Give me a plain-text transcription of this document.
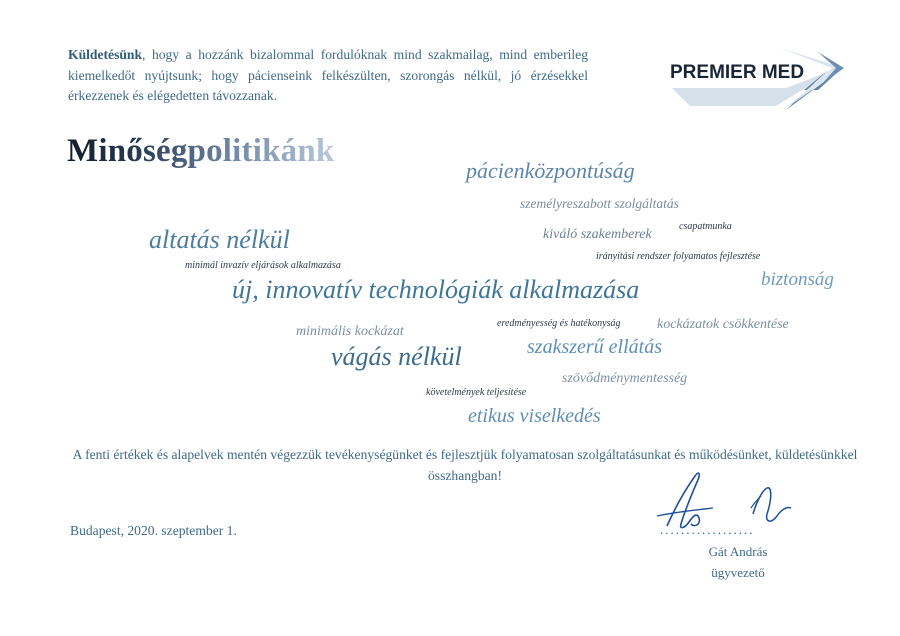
Küldetésünk, hogy a hozzánk bizalommal fordulóknak mind szakmailag, mind emberileg kiemelkedőt nyújtsunk; hogy pácienseink felkészülten, szorongás nélkül, jó érzésekkel érkezzenek és elégedetten távozzanak.
PREMIER MED
Minőségpolitikánk
pácienközpontúság
személyreszabott szolgáltatás
csapatmunka
kiváló szakemberek
irányítási rendszer folyamatos fejlesztése
altatás nélkül
minimál invazív eljárások alkalmazása
biztonság
új, innovatív technológiák alkalmazása
eredményesség és hatékonyság
minimális kockázat	kockázatok csökkentése
vágás nélkül	szakszerű ellátás
szövődménymentesség
követelmények teljesítése
etikus viselkedés
A fenti értékek és alapelvek mentén végezzük tevékenységünket és fejlesztjük folyamatosan szolgáltatásunkat és működésünket, küldetésünkkel összhangban!
Budapest, 2020. szeptember 1.	..................
Gát András
ügyvezető
